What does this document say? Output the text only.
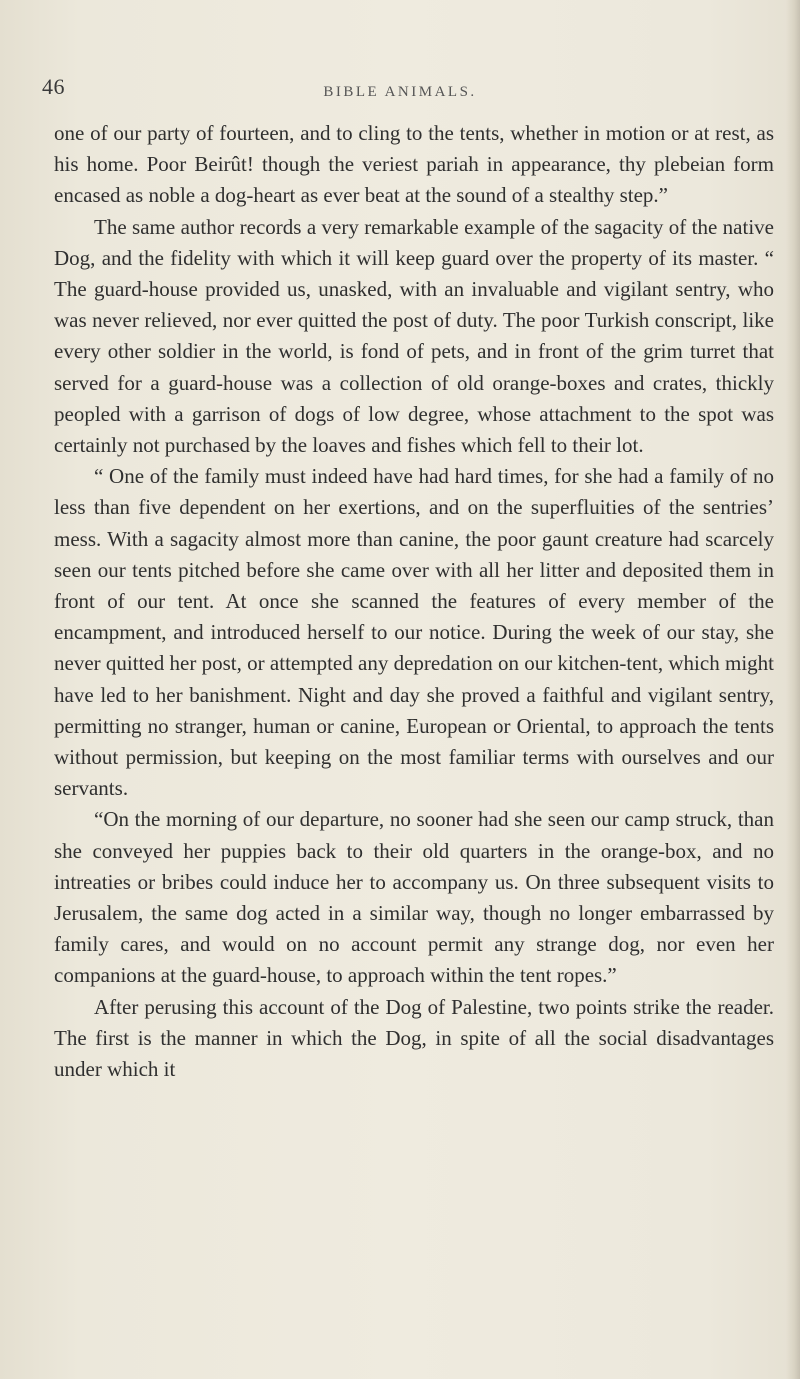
46	BIBLE ANIMALS.

one of our party of fourteen, and to cling to the tents, whether in motion or at rest, as his home. Poor Beirût! though the veriest pariah in appearance, thy plebeian form encased as noble a dog-heart as ever beat at the sound of a stealthy step.”

The same author records a very remarkable example of the sagacity of the native Dog, and the fidelity with which it will keep guard over the property of its master. “ The guard-house provided us, unasked, with an invaluable and vigilant sentry, who was never relieved, nor ever quitted the post of duty. The poor Turkish conscript, like every other soldier in the world, is fond of pets, and in front of the grim turret that served for a guard-house was a collection of old orange-boxes and crates, thickly peopled with a garrison of dogs of low degree, whose attachment to the spot was certainly not purchased by the loaves and fishes which fell to their lot.

“ One of the family must indeed have had hard times, for she had a family of no less than five dependent on her exertions, and on the superfluities of the sentries’ mess. With a sagacity almost more than canine, the poor gaunt creature had scarcely seen our tents pitched before she came over with all her litter and deposited them in front of our tent. At once she scanned the features of every member of the encampment, and introduced herself to our notice. During the week of our stay, she never quitted her post, or attempted any depredation on our kitchen-tent, which might have led to her banishment. Night and day she proved a faithful and vigilant sentry, permitting no stranger, human or canine, European or Oriental, to approach the tents without permission, but keeping on the most familiar terms with ourselves and our servants.

“On the morning of our departure, no sooner had she seen our camp struck, than she conveyed her puppies back to their old quarters in the orange-box, and no intreaties or bribes could induce her to accompany us. On three subsequent visits to Jerusalem, the same dog acted in a similar way, though no longer embarrassed by family cares, and would on no account permit any strange dog, nor even her companions at the guard-house, to approach within the tent ropes.”

After perusing this account of the Dog of Palestine, two points strike the reader. The first is the manner in which the Dog, in spite of all the social disadvantages under which it
